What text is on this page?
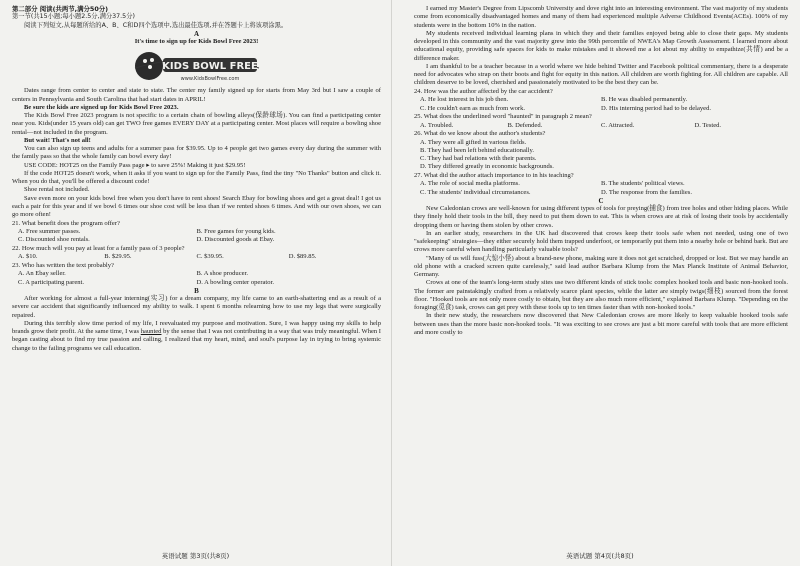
第二部分 阅读(共两节,满分50分)

第一节(共15小题;每小题2.5分,满分37.5分)

阅读下列短文,从每题所给的A、B、C和D四个选项中,选出最佳选项,并在答题卡上将该项涂黑。

A

It's time to sign up for Kids Bowl Free 2023!

KIDS BOWL FREE
www.KidsBowlFree.com

Dates range from center to center and state to state. The center my family signed up for starts from May 3rd but I saw a couple of centers in Pennsylvania and South Carolina that had start dates in APRIL!

Be sure the kids are signed up for Kids Bowl Free 2023.

The Kids Bowl Free 2023 program is not specific to a certain chain of bowling alleys(保龄球场). You can find a participating center near you. Kids(under 15 years old) can get TWO free games EVERY DAY at a participating center. Most places will require a bowling shoe rental—not included in the program.

But wait! That's not all!

You can also sign up teens and adults for a summer pass for $39.95. Up to 4 people get two games every day during the summer with the family pass so that the whole family can bowl every day!

USE CODE: HOT25 on the Family Pass page ▸ to save 25%! Making it just $29.95!

If the code HOT25 doesn't work, when it asks if you want to sign up for the Family Pass, find the tiny "No Thanks" button and click it. When you do that, you'll be offered a discount code!

Shoe rental not included.

Save even more on your kids bowl free when you don't have to rent shoes! Search Ebay for bowling shoes and get a great deal! I got us each a pair for this year and if we bowl 6 times our shoe cost will be less than if we rented shoes 6 times. And with our own shoes, we can go more often!

21. What benefit does the program offer?

A. Free summer passes.	B. Free games for young kids.
C. Discounted shoe rentals.	D. Discounted goods at Ebay.

22. How much will you pay at least for a family pass of 3 people?

A. $10.	B. $29.95.	C. $39.95.	D. $89.85.

23. Who has written the text probably?

A. An Ebay seller.	B. A shoe producer.
C. A participating parent.	D. A bowling center operator.

B

After working for almost a full-year interning(实习) for a dream company, my life came to an earth-shattering end as a result of a severe car accident that significantly influenced my ability to walk. I spent 6 months relearning how to use my legs that were surgically repaired.

During this terribly slow time period of my life, I reevaluated my purpose and motivation. Sure, I was happy using my skills to help brands grow their profit. At the same time, I was haunted by the sense that I was not contributing in a way that was truly meaningful. When I began casting about to find my true passion and calling, I realized that my heart, mind, and soul's purpose lay in trying to bring systemic change to the failing programs we call education.

英语试题 第3页(共8页)

I earned my Master's Degree from Lipscomb University and dove right into an interesting environment. The vast majority of my students come from economically disadvantaged homes and many of them had experienced multiple Adverse Childhood Events(ACEs). 100% of my students were in the bottom 10% in the nation.

My students received individual learning plans in which they and their families enjoyed being able to close their gaps. My students developed in this community and the vast majority grew into the 99th percentile of NWEA's Map Growth Assessment. I learned more about educational equity, providing safe spaces for kids to make mistakes and it showed me a lot about my ability to empathize(共情) and be a difference maker.

I am thankful to be a teacher because in a world where we hide behind Twitter and Facebook political commentary, there is a desperate need for advocates who strap on their boots and fight for equity in this nation. All children are worth fighting for. All children are capable. All children deserve to be loved, cherished and passionately motivated to be the best they can be.

24. How was the author affected by the car accident?

A. He lost interest in his job then.	B. He was disabled permanently.
C. He couldn't earn as much from work.	D. His interning period had to be delayed.

25. What does the underlined word "haunted" in paragraph 2 mean?

A. Troubled.	B. Defended.	C. Attracted.	D. Tested.

26. What do we know about the author's students?

A. They were all gifted in various fields.

B. They had been left behind educationally.

C. They had bad relations with their parents.

D. They differed greatly in economic backgrounds.

27. What did the author attach importance to in his teaching?

A. The role of social media platforms.	B. The students' political views.
C. The students' individual circumstances.	D. The response from the families.

C

New Caledonian crows are well-known for using different types of tools for preying(捕食) from tree holes and other hiding places. While they finely hold their tools in the bill, they need to put them down to eat. This is when crows are at risk of losing their tools by accidentally dropping them or having them stolen by other crows.

In an earlier study, researchers in the UK had discovered that crows keep their tools safe when not needed, using one of two "safekeeping" strategies—they either securely hold them trapped underfoot, or temporarily put them into a nearby hole or behind bark. But are crows more careful when handling particularly valuable tools?

"Many of us will fuss(大惊小怪) about a brand-new phone, making sure it does not get scratched, dropped or lost. But we may handle an old phone with a cracked screen quite carelessly," said lead author Barbara Klump from the Max Planck Institute of Animal Behavior, Germany.

Crows at one of the team's long-term study sites use two different kinds of stick tools: complex hooked tools and basic non-hooked tools. The former are painstakingly crafted from a relatively scarce plant species, while the latter are simply twigs(细枝) sourced from the forest floor. "Hooked tools are not only more costly to obtain, but they are also much more efficient," explained Barbara Klump. "Depending on the foraging(觅食) task, crows can get prey with these tools up to ten times faster than with non-hooked tools."

In their new study, the researchers now discovered that New Caledonian crows are more likely to keep valuable hooked tools safe between uses than the more basic non-hooked tools. "It was exciting to see crows are just a bit more careful with tools that are more efficient and more costly to

英语试题 第4页(共8页)
